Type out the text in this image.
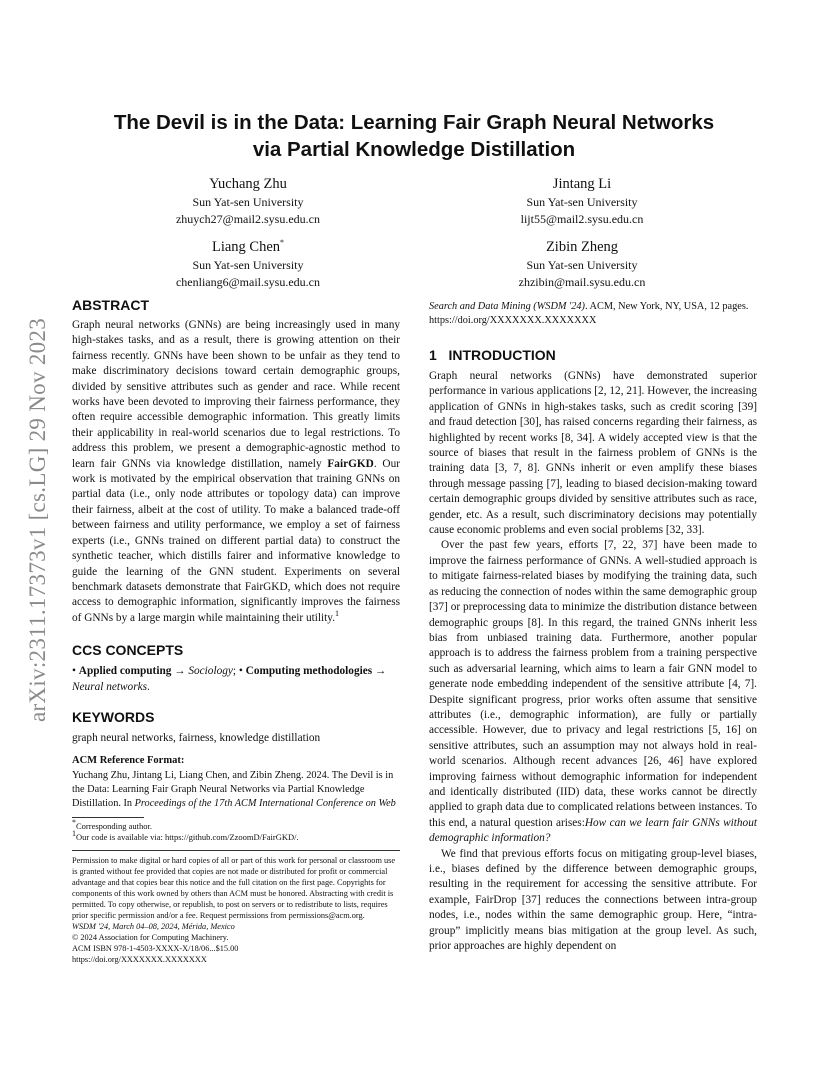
arXiv:2311.17373v1 [cs.LG] 29 Nov 2023
The Devil is in the Data: Learning Fair Graph Neural Networks
via Partial Knowledge Distillation
Yuchang Zhu
Sun Yat-sen University
zhuych27@mail2.sysu.edu.cn
Jintang Li
Sun Yat-sen University
lijt55@mail2.sysu.edu.cn
Liang Chen*
Sun Yat-sen University
chenliang6@mail.sysu.edu.cn
Zibin Zheng
Sun Yat-sen University
zhzibin@mail.sysu.edu.cn

ABSTRACT

Graph neural networks (GNNs) are being increasingly used in many high-stakes tasks, and as a result, there is growing attention on their fairness recently. GNNs have been shown to be unfair as they tend to make discriminatory decisions toward certain demographic groups, divided by sensitive attributes such as gender and race. While recent works have been devoted to improving their fairness performance, they often require accessible demographic information. This greatly limits their applicability in real-world scenarios due to legal restrictions. To address this problem, we present a demographic-agnostic method to learn fair GNNs via knowledge distillation, namely FairGKD. Our work is motivated by the empirical observation that training GNNs on partial data (i.e., only node attributes or topology data) can improve their fairness, albeit at the cost of utility. To make a balanced trade-off between fairness and utility performance, we employ a set of fairness experts (i.e., GNNs trained on different partial data) to construct the synthetic teacher, which distills fairer and informative knowledge to guide the learning of the GNN student. Experiments on several benchmark datasets demonstrate that FairGKD, which does not require access to demographic information, significantly improves the fairness of GNNs by a large margin while maintaining their utility.$^1$

CCS CONCEPTS

• Applied computing → Sociology; • Computing methodologies → Neural networks.

KEYWORDS

graph neural networks, fairness, knowledge distillation

ACM Reference Format:

Yuchang Zhu, Jintang Li, Liang Chen, and Zibin Zheng. 2024. The Devil is in the Data: Learning Fair Graph Neural Networks via Partial Knowledge Distillation. In Proceedings of the 17th ACM International Conference on Web

*Corresponding author.

$^1$Our code is available via: https://github.com/ZzoomD/FairGKD/.

Permission to make digital or hard copies of all or part of this work for personal or classroom use is granted without fee provided that copies are not made or distributed for profit or commercial advantage and that copies bear this notice and the full citation on the first page. Copyrights for components of this work owned by others than ACM must be honored. Abstracting with credit is permitted. To copy otherwise, or republish, to post on servers or to redistribute to lists, requires prior specific permission and/or a fee. Request permissions from permissions@acm.org.

WSDM '24, March 04–08, 2024, Mérida, Mexico

© 2024 Association for Computing Machinery.

ACM ISBN 978-1-4503-XXXX-X/18/06...$15.00

https://doi.org/XXXXXXX.XXXXXXX

Search and Data Mining (WSDM '24). ACM, New York, NY, USA, 12 pages. https://doi.org/XXXXXXX.XXXXXXX

1   INTRODUCTION

Graph neural networks (GNNs) have demonstrated superior performance in various applications [2, 12, 21]. However, the increasing application of GNNs in high-stakes tasks, such as credit scoring [39] and fraud detection [30], has raised concerns regarding their fairness, as highlighted by recent works [8, 34]. A widely accepted view is that the source of biases that result in the fairness problem of GNNs is the training data [3, 7, 8]. GNNs inherit or even amplify these biases through message passing [7], leading to biased decision-making toward certain demographic groups divided by sensitive attributes such as race, gender, etc. As a result, such discriminatory decisions may potentially cause economic problems and even social problems [32, 33].

Over the past few years, efforts [7, 22, 37] have been made to improve the fairness performance of GNNs. A well-studied approach is to mitigate fairness-related biases by modifying the training data, such as reducing the connection of nodes within the same demographic group [37] or preprocessing data to minimize the distribution distance between demographic groups [8]. In this regard, the trained GNNs inherit less bias from unbiased training data. Furthermore, another popular approach is to address the fairness problem from a training perspective such as adversarial learning, which aims to learn a fair GNN model to generate node embedding independent of the sensitive attribute [4, 7]. Despite significant progress, prior works often assume that sensitive attributes (i.e., demographic information), are fully or partially accessible. However, due to privacy and legal restrictions [5, 16] on sensitive attributes, such an assumption may not always hold in real-world scenarios. Although recent advances [26, 46] have explored improving fairness without demographic information for independent and identically distributed (IID) data, these works cannot be directly applied to graph data due to complicated relations between instances. To this end, a natural question arises:How can we learn fair GNNs without demographic information?

We find that previous efforts focus on mitigating group-level biases, i.e., biases defined by the difference between demographic groups, resulting in the requirement for accessing the sensitive attribute. For example, FairDrop [37] reduces the connections between intra-group nodes, i.e., nodes within the same demographic group. Here, “intra-group” implicitly means bias mitigation at the group level. As such, prior approaches are highly dependent on
